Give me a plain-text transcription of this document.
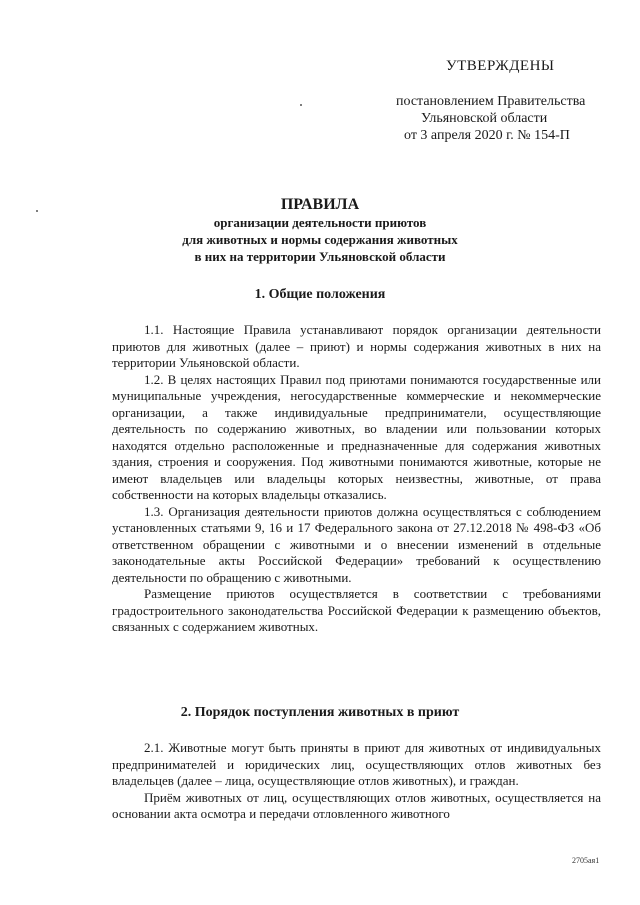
УТВЕРЖДЕНЫ
постановлением Правительства
Ульяновской области
от 3 апреля 2020 г. № 154-П
ПРАВИЛА
организации деятельности приютов
для животных и нормы содержания животных
в них на территории Ульяновской области
1. Общие положения

1.1. Настоящие Правила устанавливают порядок организации деятельности приютов для животных (далее – приют) и нормы содержания животных в них на территории Ульяновской области.

1.2. В целях настоящих Правил под приютами понимаются государственные или муниципальные учреждения, негосударственные коммерческие и некоммерческие организации, а также индивидуальные предприниматели, осуществляющие деятельность по содержанию животных, во владении или пользовании которых находятся отдельно расположенные и предназначенные для содержания животных здания, строения и сооружения. Под животными понимаются животные, которые не имеют владельцев или владельцы которых неизвестны, животные, от права собственности на которых владельцы отказались.

1.3. Организация деятельности приютов должна осуществляться с соблюдением установленных статьями 9, 16 и 17 Федерального закона от 27.12.2018 № 498-ФЗ «Об ответственном обращении с животными и о внесении изменений в отдельные законодательные акты Российской Федерации» требований к осуществлению деятельности по обращению с животными.

Размещение приютов осуществляется в соответствии с требованиями градостроительного законодательства Российской Федерации к размещению объектов, связанных с содержанием животных.

2. Порядок поступления животных в приют

2.1. Животные могут быть приняты в приют для животных от индивидуальных предпринимателей и юридических лиц, осуществляющих отлов животных без владельцев (далее – лица, осуществляющие отлов животных), и граждан.

Приём животных от лиц, осуществляющих отлов животных, осуществляется на основании акта осмотра и передачи отловленного животного

2705ая1
